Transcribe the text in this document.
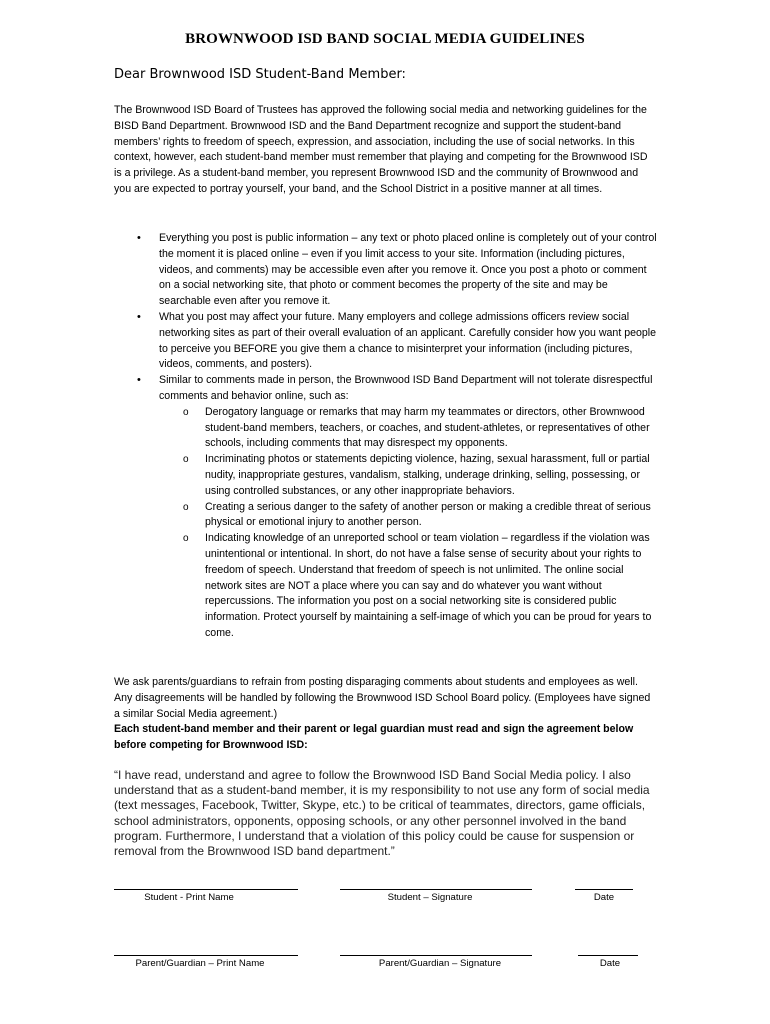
BROWNWOOD ISD BAND SOCIAL MEDIA GUIDELINES
Dear Brownwood ISD Student-Band Member:

The Brownwood ISD Board of Trustees has approved the following social media and networking guidelines for the BISD Band Department. Brownwood ISD and the Band Department recognize and support the student-band members’ rights to freedom of speech, expression, and association, including the use of social networks. In this context, however, each student-band member must remember that playing and competing for the Brownwood ISD is a privilege. As a student-band member, you represent Brownwood ISD and the community of Brownwood and you are expected to portray yourself, your band, and the School District in a positive manner at all times.

• Everything you post is public information – any text or photo placed online is completely out of your control the moment it is placed online – even if you limit access to your site. Information (including pictures, videos, and comments) may be accessible even after you remove it. Once you post a photo or comment on a social networking site, that photo or comment becomes the property of the site and may be searchable even after you remove it.
• What you post may affect your future. Many employers and college admissions officers review social networking sites as part of their overall evaluation of an applicant. Carefully consider how you want people to perceive you BEFORE you give them a chance to misinterpret your information (including pictures, videos, comments, and posters).
• Similar to comments made in person, the Brownwood ISD Band Department will not tolerate disrespectful comments and behavior online, such as:
o Derogatory language or remarks that may harm my teammates or directors, other Brownwood student-band members, teachers, or coaches, and student-athletes, or representatives of other schools, including comments that may disrespect my opponents.
o Incriminating photos or statements depicting violence, hazing, sexual harassment, full or partial nudity, inappropriate gestures, vandalism, stalking, underage drinking, selling, possessing, or using controlled substances, or any other inappropriate behaviors.
o Creating a serious danger to the safety of another person or making a credible threat of serious physical or emotional injury to another person.
o Indicating knowledge of an unreported school or team violation – regardless if the violation was unintentional or intentional. In short, do not have a false sense of security about your rights to freedom of speech. Understand that freedom of speech is not unlimited. The online social network sites are NOT a place where you can say and do whatever you want without repercussions. The information you post on a social networking site is considered public information. Protect yourself by maintaining a self-image of which you can be proud for years to come.

We ask parents/guardians to refrain from posting disparaging comments about students and employees as well. Any disagreements will be handled by following the Brownwood ISD School Board policy. (Employees have signed a similar Social Media agreement.)

Each student-band member and their parent or legal guardian must read and sign the agreement below before competing for Brownwood ISD:

“I have read, understand and agree to follow the Brownwood ISD Band Social Media policy. I also understand that as a student-band member, it is my responsibility to not use any form of social media (text messages, Facebook, Twitter, Skype, etc.) to be critical of teammates, directors, game officials, school administrators, opponents, opposing schools, or any other personnel involved in the band program. Furthermore, I understand that a violation of this policy could be cause for suspension or removal from the Brownwood ISD band department.”

Student - Print Name	Student – Signature	Date
Parent/Guardian – Print Name	Parent/Guardian – Signature	Date
